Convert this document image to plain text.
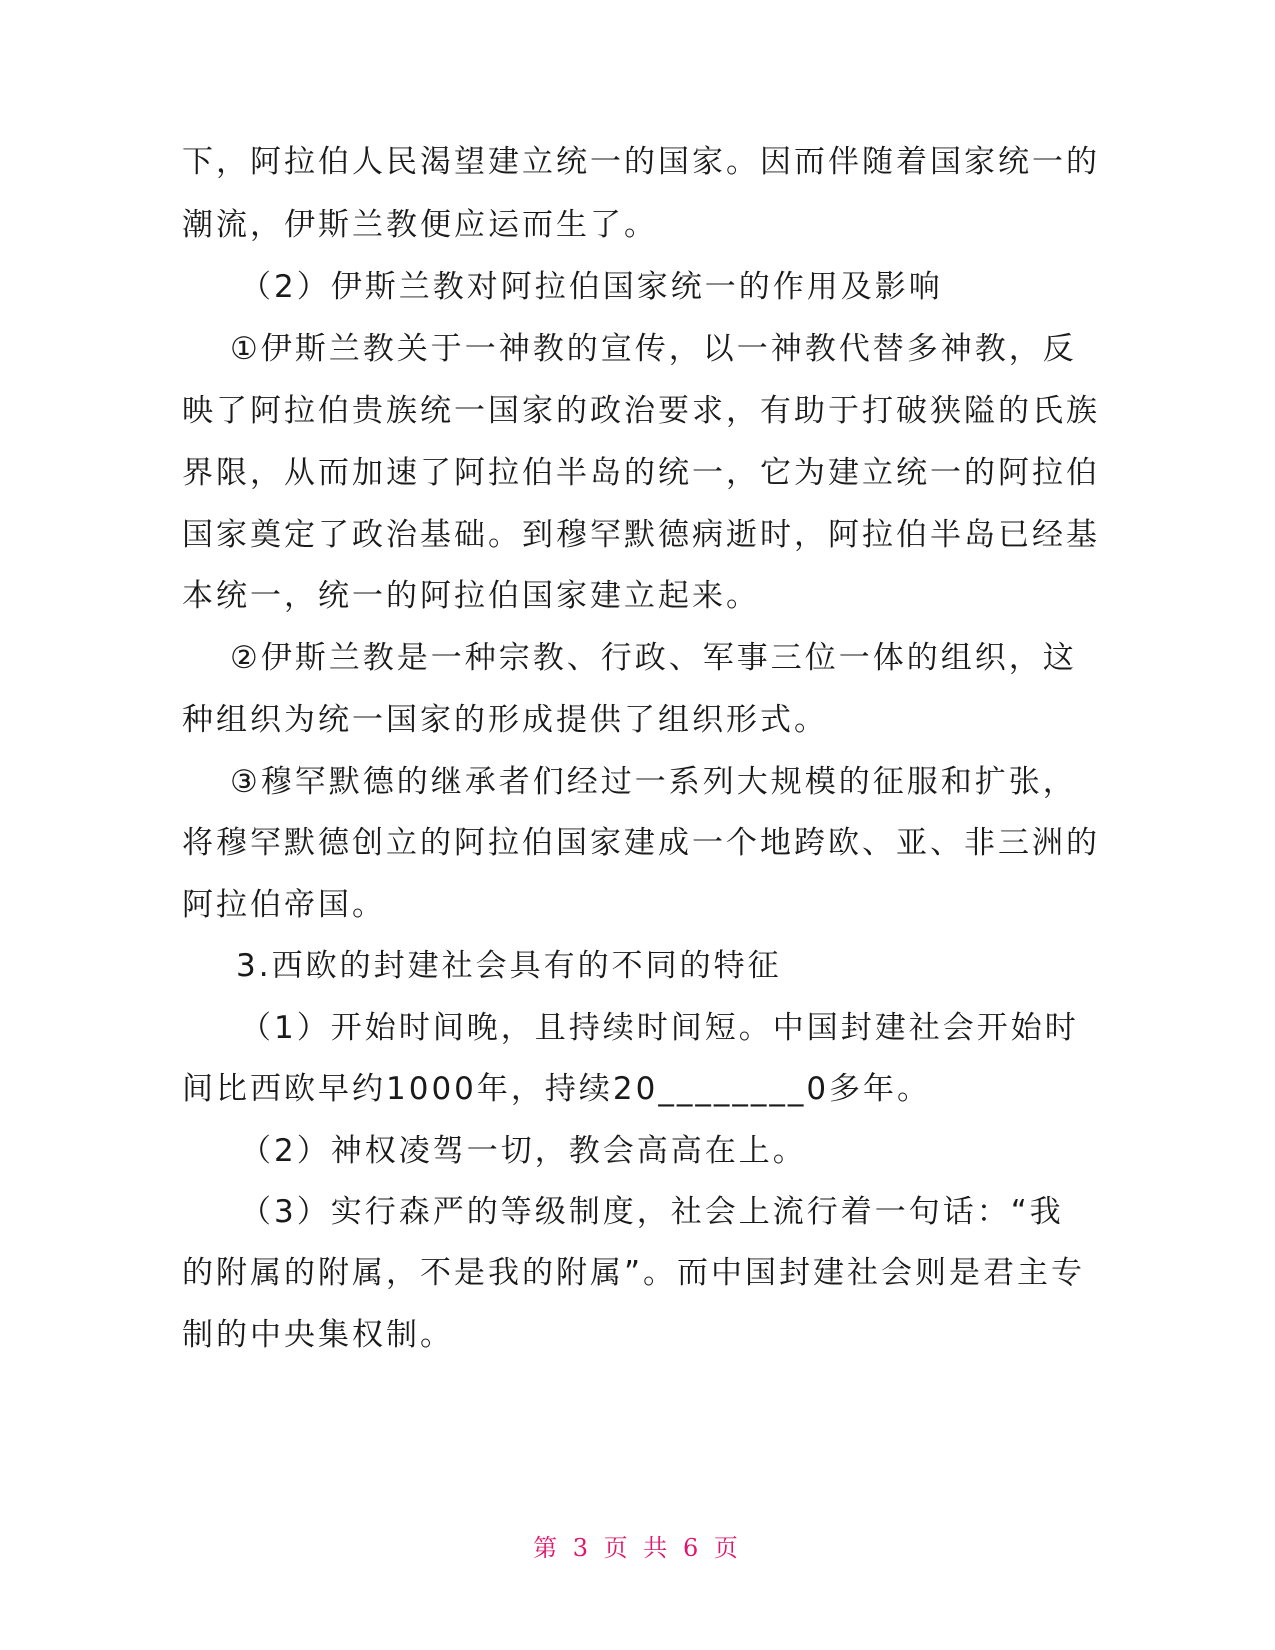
下，阿拉伯人民渴望建立统一的国家。因而伴随着国家统一的
潮流，伊斯兰教便应运而生了。
（2）伊斯兰教对阿拉伯国家统一的作用及影响
①伊斯兰教关于一神教的宣传，以一神教代替多神教，反
映了阿拉伯贵族统一国家的政治要求，有助于打破狭隘的氏族
界限，从而加速了阿拉伯半岛的统一，它为建立统一的阿拉伯
国家奠定了政治基础。到穆罕默德病逝时，阿拉伯半岛已经基
本统一，统一的阿拉伯国家建立起来。
②伊斯兰教是一种宗教、行政、军事三位一体的组织，这
种组织为统一国家的形成提供了组织形式。
③穆罕默德的继承者们经过一系列大规模的征服和扩张，
将穆罕默德创立的阿拉伯国家建成一个地跨欧、亚、非三洲的
阿拉伯帝国。
3.西欧的封建社会具有的不同的特征
（1）开始时间晚，且持续时间短。中国封建社会开始时
间比西欧早约1000年，持续20________0多年。
（2）神权凌驾一切，教会高高在上。
（3）实行森严的等级制度，社会上流行着一句话：“我
的附属的附属，不是我的附属”。而中国封建社会则是君主专
制的中央集权制。
第 3 页 共 6 页
